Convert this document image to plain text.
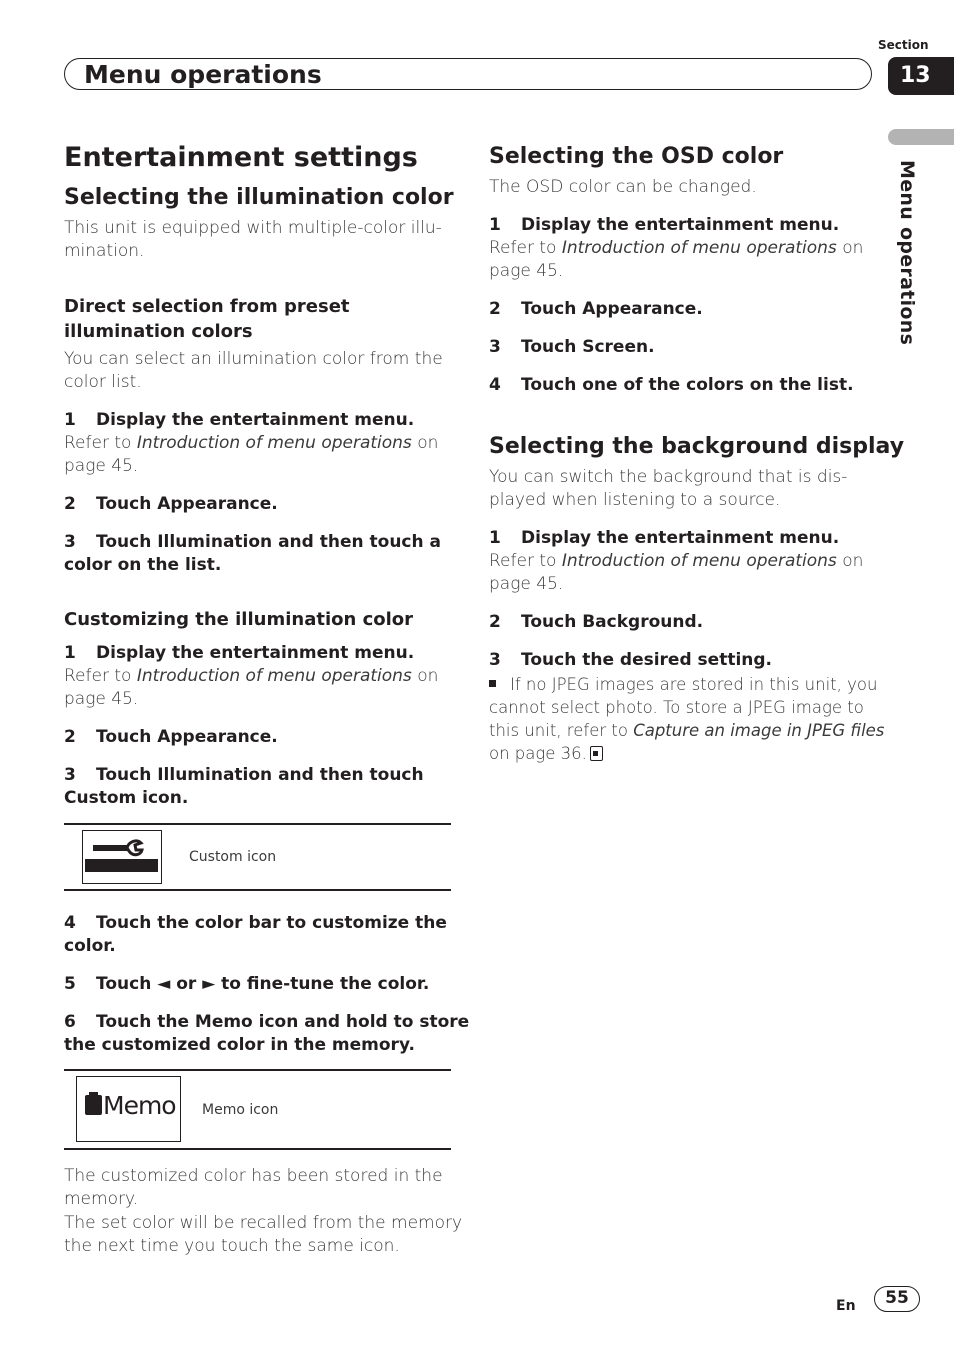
Section
Menu operations	13
Menu operations
Entertainment settings
Selecting the illumination color
This unit is equipped with multiple-color illu-
mination.
Direct selection from preset
illumination colors
You can select an illumination color from the
color list.
1 Display the entertainment menu.
Refer to Introduction of menu operations on
page 45.
2 Touch Appearance.
3 Touch Illumination and then touch a
color on the list.
Customizing the illumination color
1 Display the entertainment menu.
Refer to Introduction of menu operations on
page 45.
2 Touch Appearance.
3 Touch Illumination and then touch
Custom icon.
Custom icon
4 Touch the color bar to customize the
color.
5 Touch ◄ or ► to fine-tune the color.
6 Touch the Memo icon and hold to store
the customized color in the memory.
Memo Memo icon
The customized color has been stored in the
memory.
The set color will be recalled from the memory
the next time you touch the same icon.
Selecting the OSD color
The OSD color can be changed.
1 Display the entertainment menu.
Refer to Introduction of menu operations on
page 45.
2 Touch Appearance.
3 Touch Screen.
4 Touch one of the colors on the list.
Selecting the background display
You can switch the background that is dis-
played when listening to a source.
1 Display the entertainment menu.
Refer to Introduction of menu operations on
page 45.
2 Touch Background.
3 Touch the desired setting.
If no JPEG images are stored in this unit, you
cannot select photo. To store a JPEG image to
this unit, refer to Capture an image in JPEG files
on page 36.
En	55
